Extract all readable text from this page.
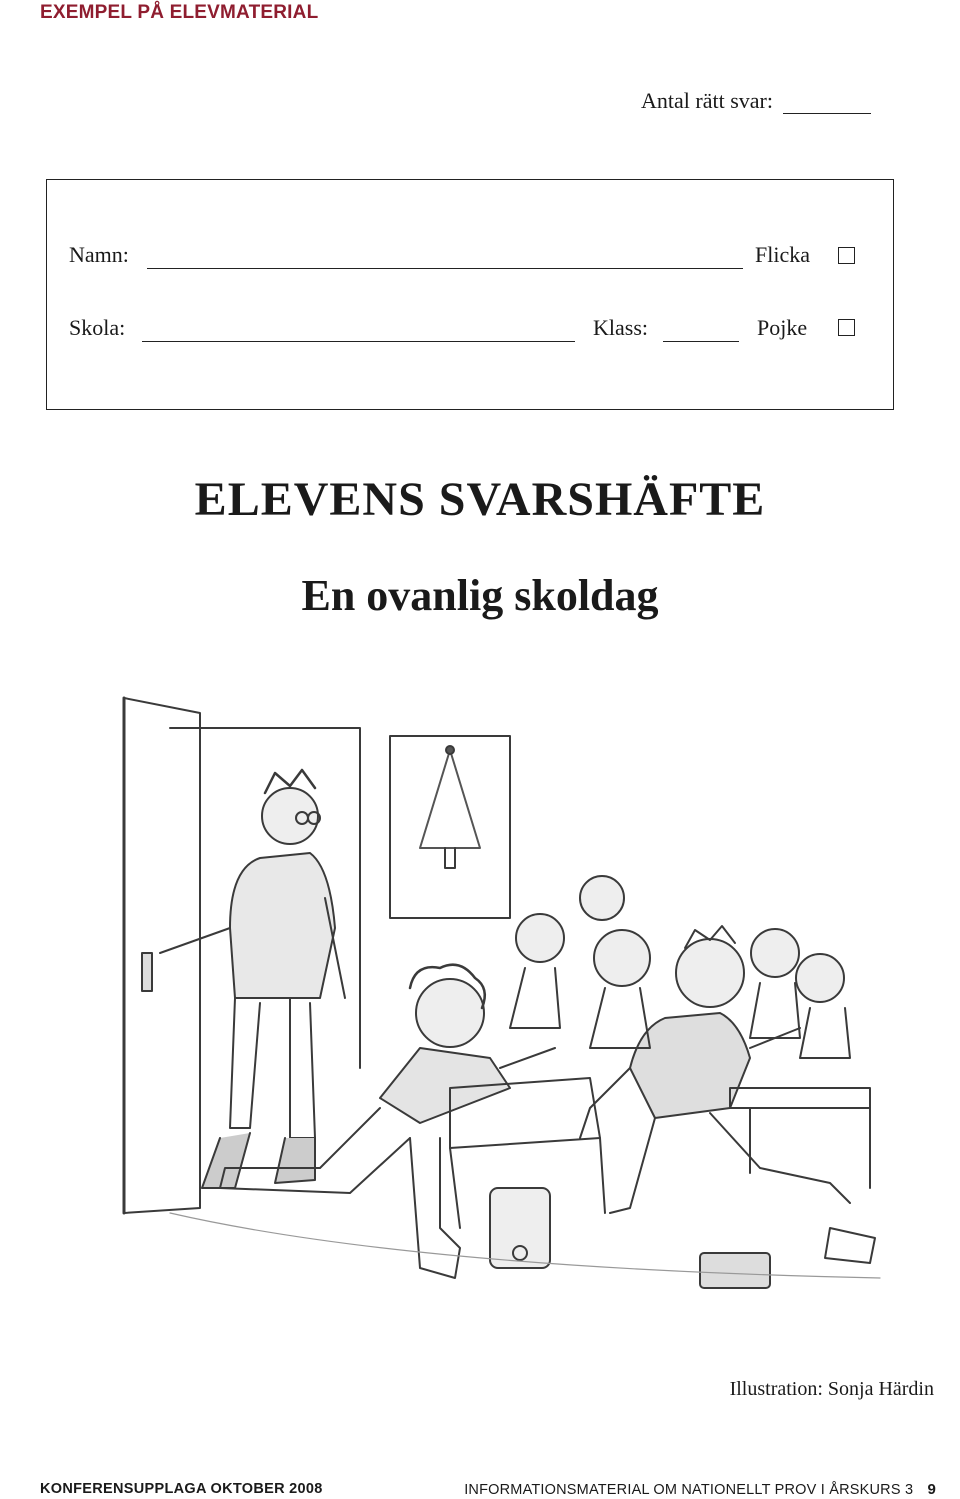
EXEMPEL PÅ ELEVMATERIAL
Antal rätt svar:
Namn:	Flicka
Skola:	Klass:	Pojke
ELEVENS SVARSHÄFTE
En ovanlig skoldag
Illustration: Sonja Härdin
KONFERENSUPPLAGA OKTOBER 2008	INFORMATIONSMATERIAL OM NATIONELLT PROV I ÅRSKURS 3 9
